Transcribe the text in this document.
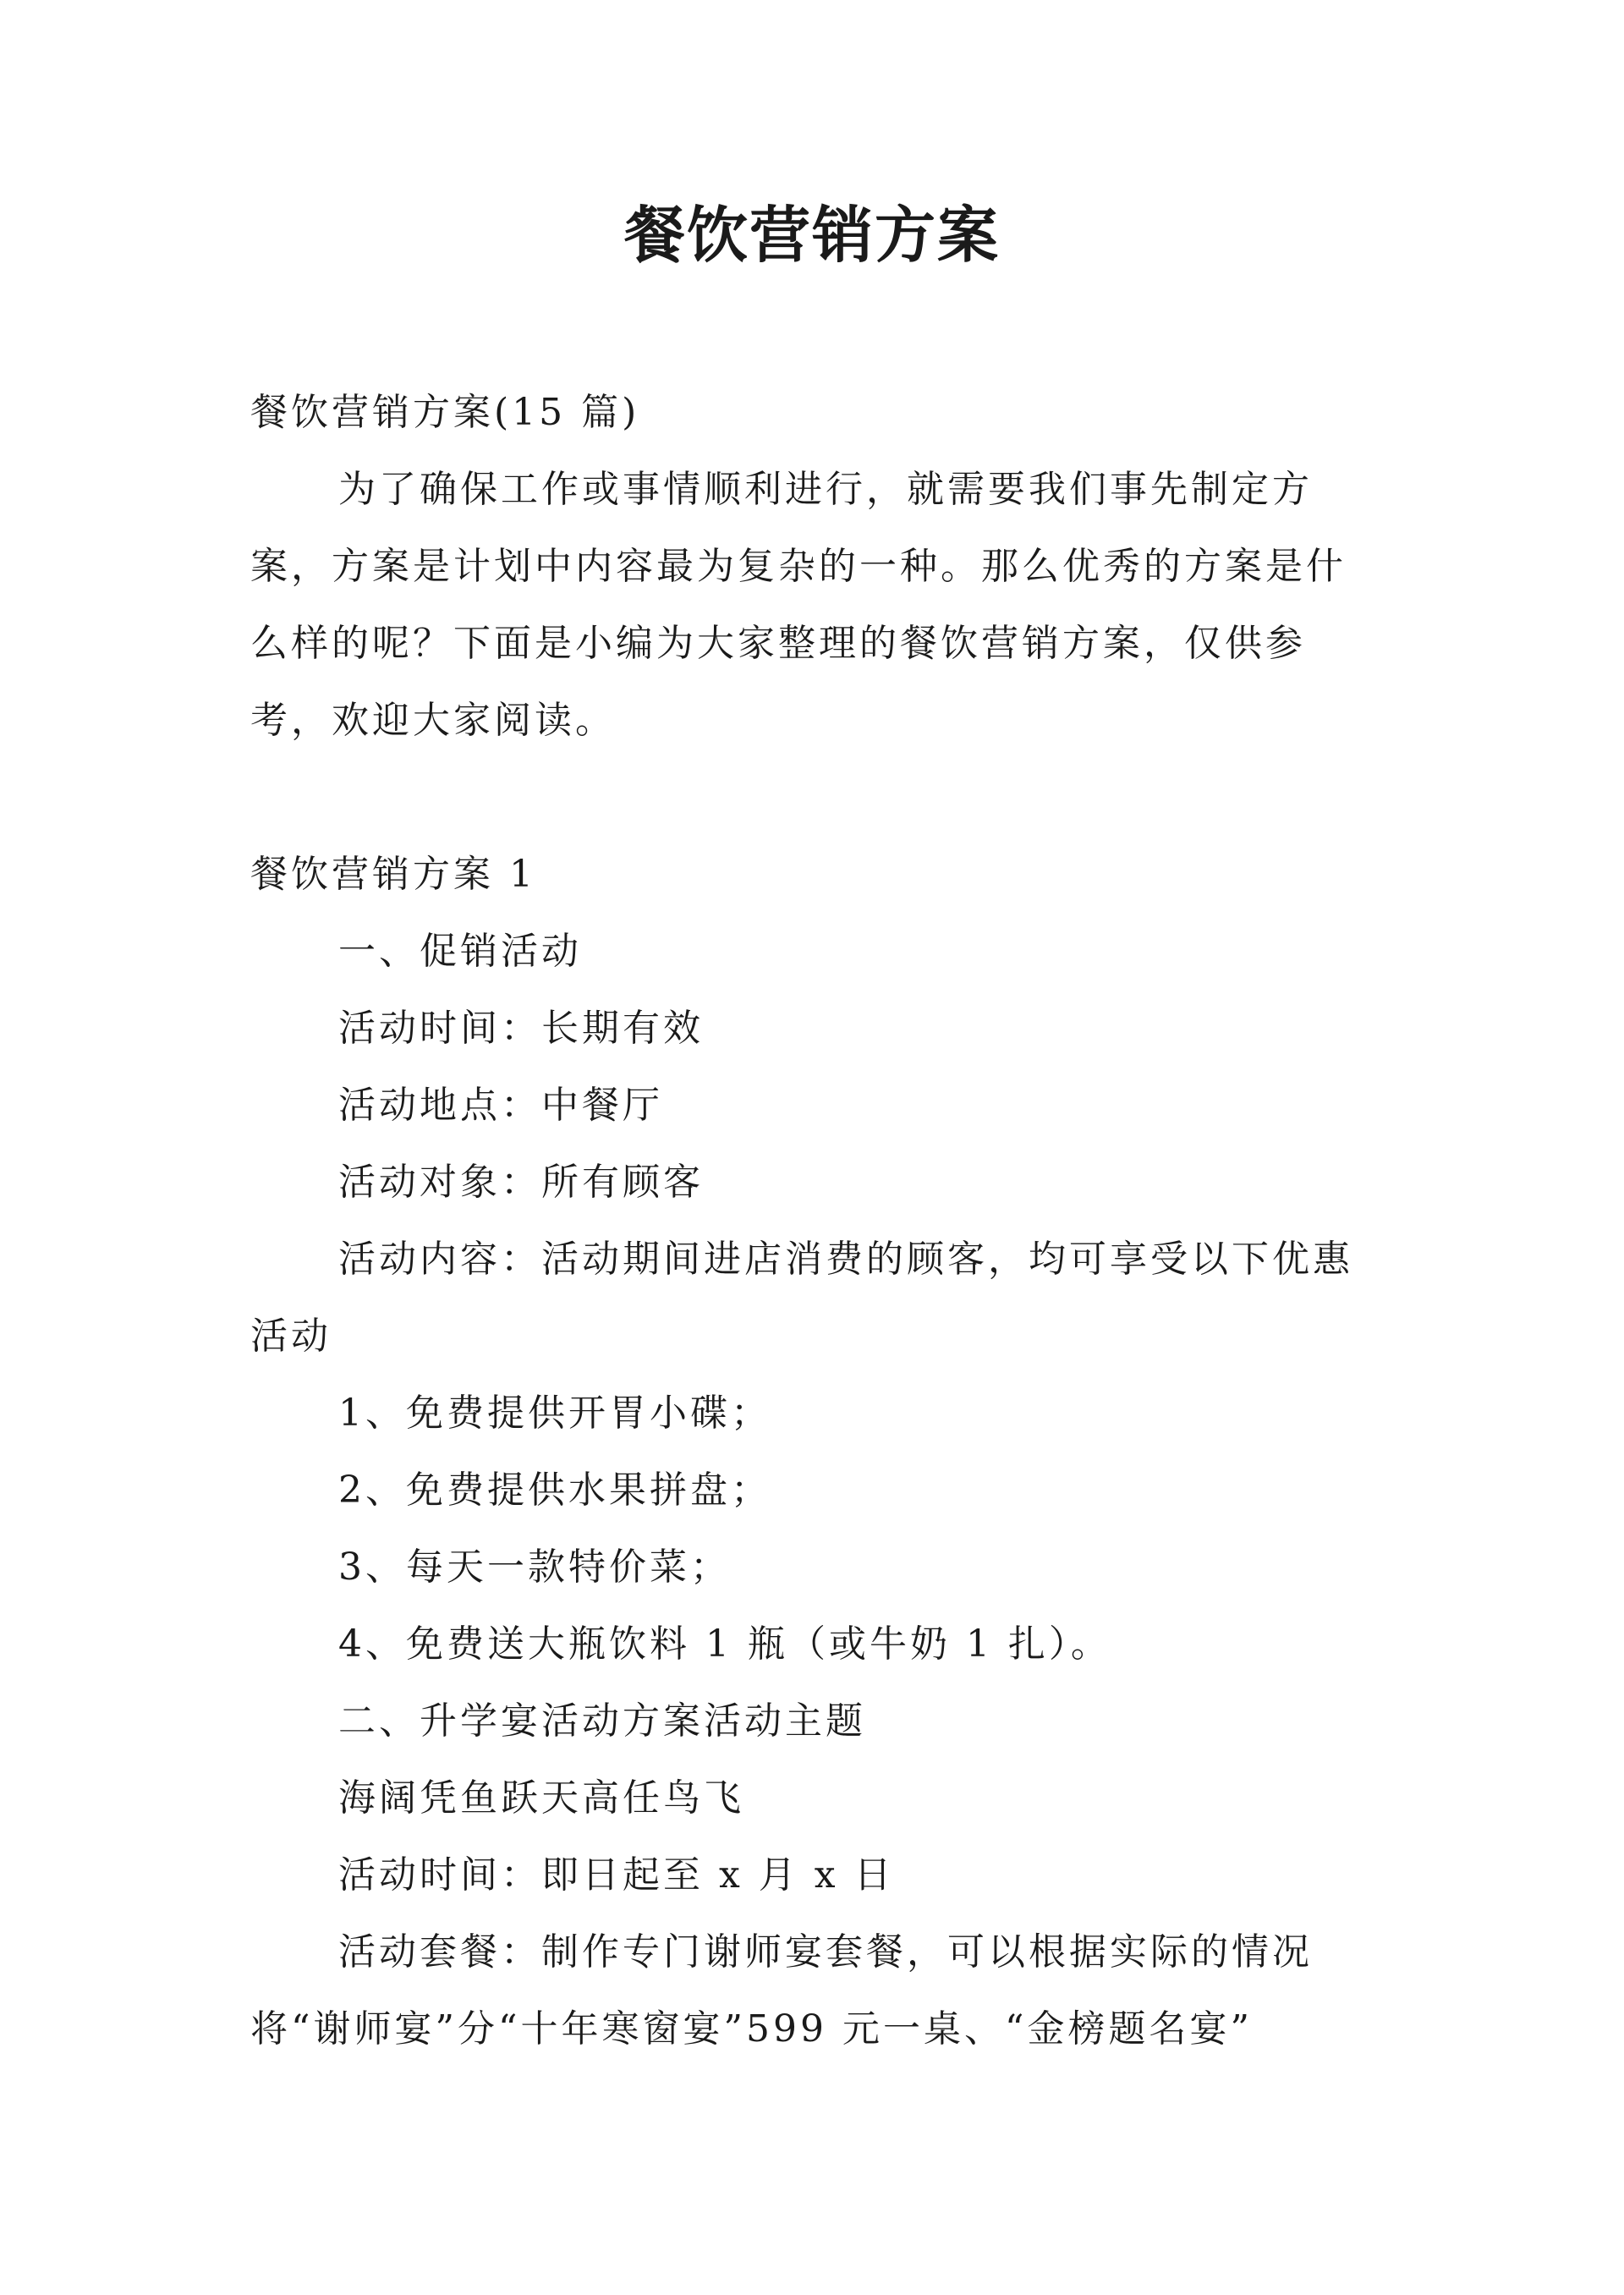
餐饮营销方案

餐饮营销方案(15 篇)

为了确保工作或事情顺利进行，就需要我们事先制定方案，方案是计划中内容最为复杂的一种。那么优秀的方案是什么样的呢？下面是小编为大家整理的餐饮营销方案，仅供参考，欢迎大家阅读。

餐饮营销方案 1

一、促销活动

活动时间：长期有效

活动地点：中餐厅

活动对象：所有顾客

活动内容：活动期间进店消费的顾客，均可享受以下优惠活动

1、免费提供开胃小碟；

2、免费提供水果拼盘；

3、每天一款特价菜；

4、免费送大瓶饮料 1 瓶（或牛奶 1 扎）。

二、升学宴活动方案活动主题

海阔凭鱼跃天高任鸟飞

活动时间：即日起至 x 月 x 日

活动套餐：制作专门谢师宴套餐，可以根据实际的情况将“谢师宴”分“十年寒窗宴”599 元一桌、“金榜题名宴”
